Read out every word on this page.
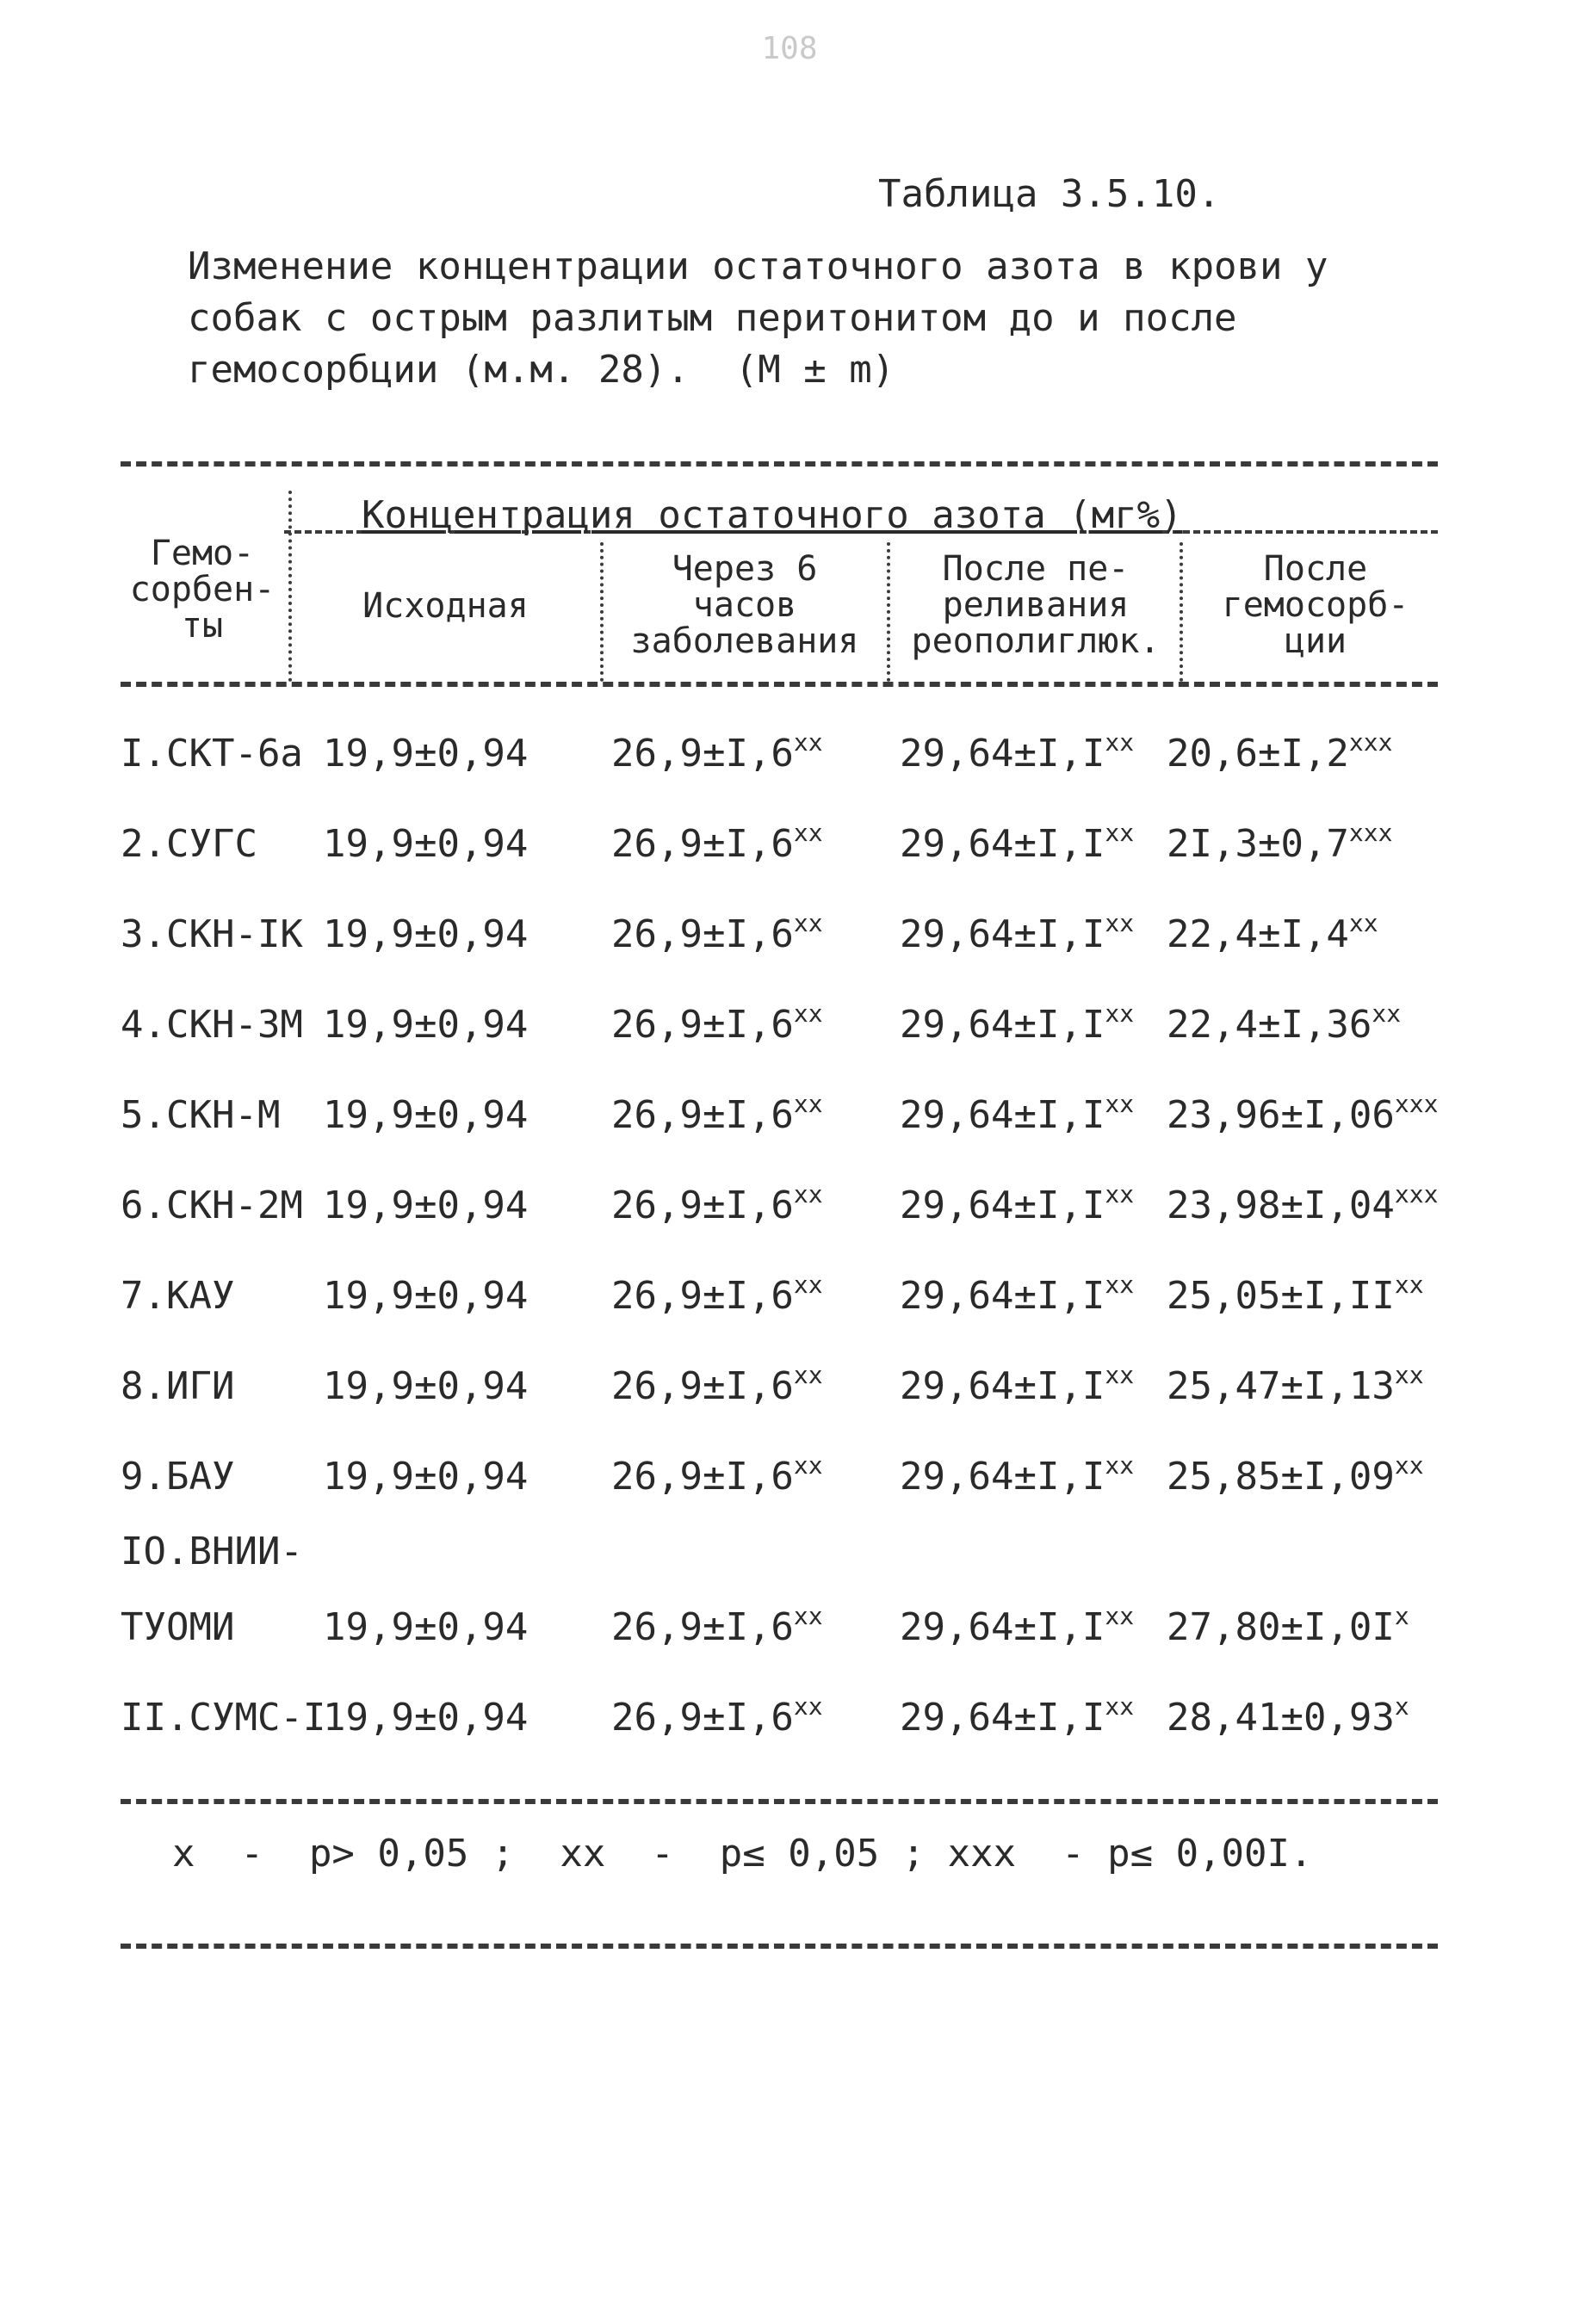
108
Таблица 3.5.10.
Изменение концентрации остаточного азота в крови у
собак с острым разлитым перитонитом до и после
гемосорбции (м.м. 28).  (М ± m)
Концентрация остаточного азота (мг%)
Гемо-
сорбен-
ты	Исходная
Через 6
часов
заболевания
После пе-
реливания
реополиглюк.
После
гемосорб-
ции
I.СКТ-6а 19,9±0,94 $26,9\pm I,6^{xx}$ $29,64\pm I,I^{xx}$ $20,6\pm I,2^{xxx}$
2.СУГС 19,9±0,94 $26,9\pm I,6^{xx}$ $29,64\pm I,I^{xx}$ $2I,3\pm 0,7^{xxx}$
3.СКН-IК 19,9±0,94 $26,9\pm I,6^{xx}$ $29,64\pm I,I^{xx}$ $22,4\pm I,4^{xx}$
4.СКН-3М 19,9±0,94 $26,9\pm I,6^{xx}$ $29,64\pm I,I^{xx}$ $22,4\pm I,36^{xx}$
5.СКН-М 19,9±0,94 $26,9\pm I,6^{xx}$ $29,64\pm I,I^{xx}$ $23,96\pm I,06^{xxx}$
6.СКН-2М 19,9±0,94 $26,9\pm I,6^{xx}$ $29,64\pm I,I^{xx}$ $23,98\pm I,04^{xxx}$
7.КАУ 19,9±0,94 $26,9\pm I,6^{xx}$ $29,64\pm I,I^{xx}$ $25,05\pm I,II^{xx}$
8.ИГИ 19,9±0,94 $26,9\pm I,6^{xx}$ $29,64\pm I,I^{xx}$ $25,47\pm I,13^{xx}$
9.БАУ 19,9±0,94 $26,9\pm I,6^{xx}$ $29,64\pm I,I^{xx}$ $25,85\pm I,09^{xx}$
IO.ВНИИ-
ТУОМИ 19,9±0,94 $26,9\pm I,6^{xx}$ $29,64\pm I,I^{xx}$ $27,80\pm I,0I^x$
II.СУМС-I
19,9±0,94 $26,9\pm I,6^{xx}$ $29,64\pm I,I^{xx}$ $28,41\pm 0,93^x$
x  -  p> 0,05 ;  xx  -  p≤ 0,05 ; xxx  - p≤ 0,00I.
